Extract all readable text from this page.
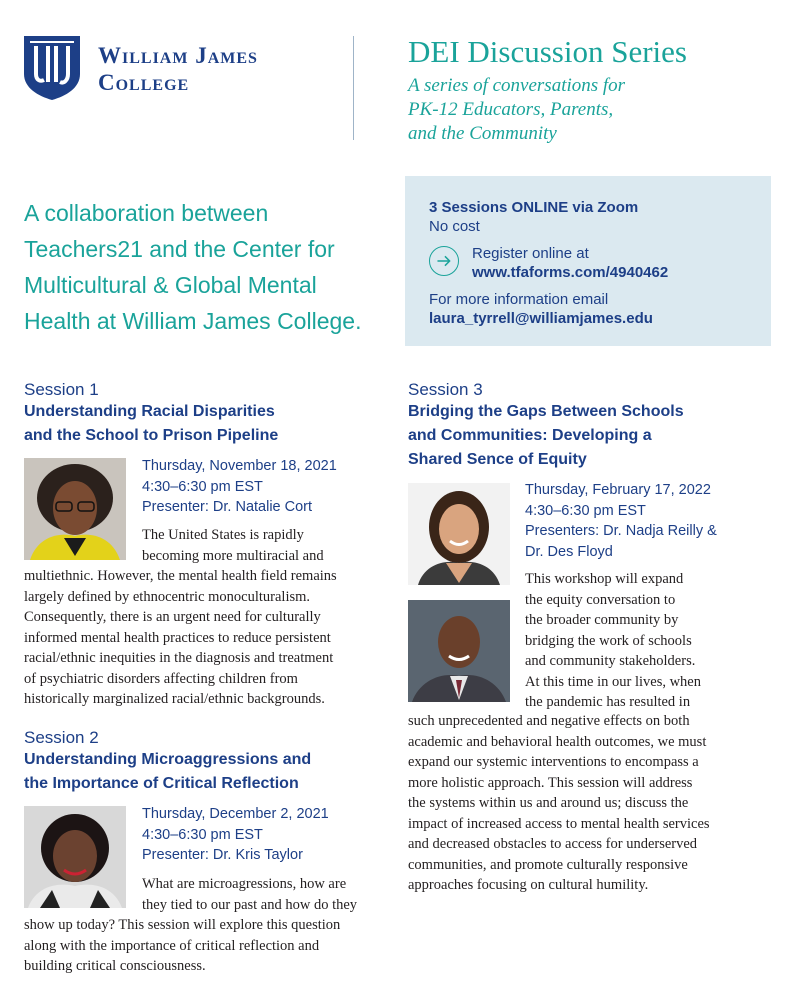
William James
College
DEI Discussion Series
A series of conversations for
PK-12 Educators, Parents,
and the Community
A collaboration between
Teachers21 and the Center for
Multicultural & Global Mental
Health at William James College.
3 Sessions ONLINE via Zoom
No cost
Register online at
www.tfaforms.com/4940462
For more information email
laura_tyrrell@williamjames.edu
Session 1
Understanding Racial Disparities
and the School to Prison Pipeline
Thursday, November 18, 2021
4:30–6:30 pm EST
Presenter: Dr. Natalie Cort
The United States is rapidly
becoming more multiracial and
multiethnic. However, the mental health field remains
largely defined by ethnocentric monoculturalism.
Consequently, there is an urgent need for culturally
informed mental health practices to reduce persistent
racial/ethnic inequities in the diagnosis and treatment
of psychiatric disorders affecting children from
historically marginalized racial/ethnic backgrounds.
Session 2
Understanding Microaggressions and
the Importance of Critical Reflection
Thursday, December 2, 2021
4:30–6:30 pm EST
Presenter: Dr. Kris Taylor
What are microagressions, how are
they tied to our past and how do they
show up today? This session will explore this question
along with the importance of critical reflection and
building critical consciousness.
Session 3
Bridging the Gaps Between Schools
and Communities: Developing a
Shared Sence of Equity
Thursday, February 17, 2022
4:30–6:30 pm EST
Presenters: Dr. Nadja Reilly &
Dr. Des Floyd
This workshop will expand
the equity conversation to
the broader community by
bridging the work of schools
and community stakeholders.
At this time in our lives, when
the pandemic has resulted in
such unprecedented and negative effects on both
academic and behavioral health outcomes, we must
expand our systemic interventions to encompass a
more holistic approach. This session will address
the systems within us and around us; discuss the
impact of increased access to mental health services
and decreased obstacles to access for underserved
communities, and promote culturally responsive
approaches focusing on cultural humility.
